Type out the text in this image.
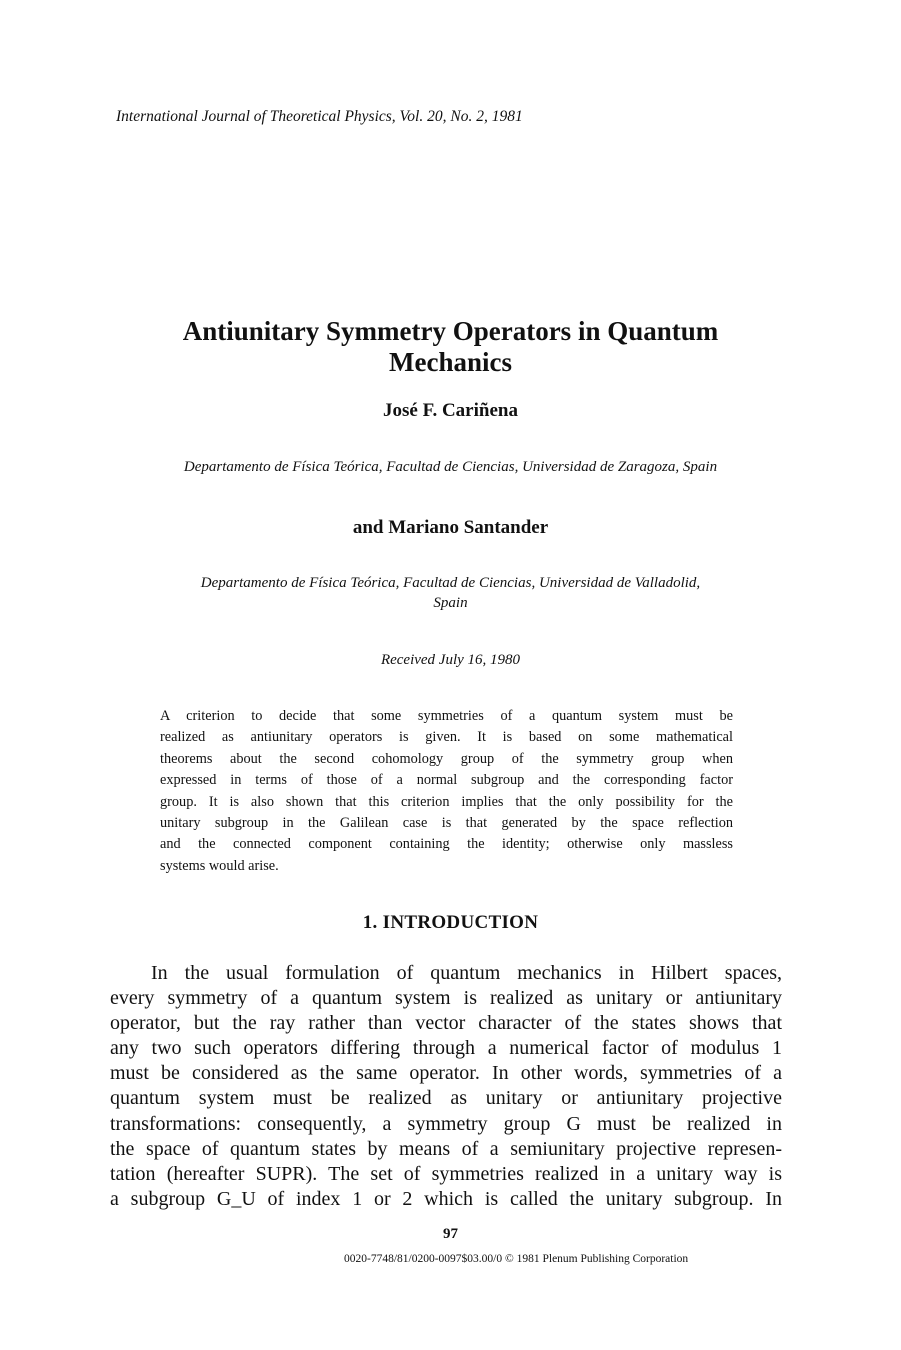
International Journal of Theoretical Physics, Vol. 20, No. 2, 1981
Antiunitary Symmetry Operators in Quantum
Mechanics
José F. Cariñena
Departamento de Física Teórica, Facultad de Ciencias, Universidad de Zaragoza, Spain
and Mariano Santander
Departamento de Física Teórica, Facultad de Ciencias, Universidad de Valladolid,
Spain
Received July 16, 1980
A criterion to decide that some symmetries of a quantum system must be
realized as antiunitary operators is given. It is based on some mathematical
theorems about the second cohomology group of the symmetry group when
expressed in terms of those of a normal subgroup and the corresponding factor
group. It is also shown that this criterion implies that the only possibility for the
unitary subgroup in the Galilean case is that generated by the space reflection
and the connected component containing the identity; otherwise only massless
systems would arise.
1. INTRODUCTION
In the usual formulation of quantum mechanics in Hilbert spaces,
every symmetry of a quantum system is realized as unitary or antiunitary
operator, but the ray rather than vector character of the states shows that
any two such operators differing through a numerical factor of modulus 1
must be considered as the same operator. In other words, symmetries of a
quantum system must be realized as unitary or antiunitary projective
transformations: consequently, a symmetry group G must be realized in
the space of quantum states by means of a semiunitary projective represen-
tation (hereafter SUPR). The set of symmetries realized in a unitary way is
a subgroup G_U of index 1 or 2 which is called the unitary subgroup. In
97
0020-7748/81/0200-0097$03.00/0 © 1981 Plenum Publishing Corporation
